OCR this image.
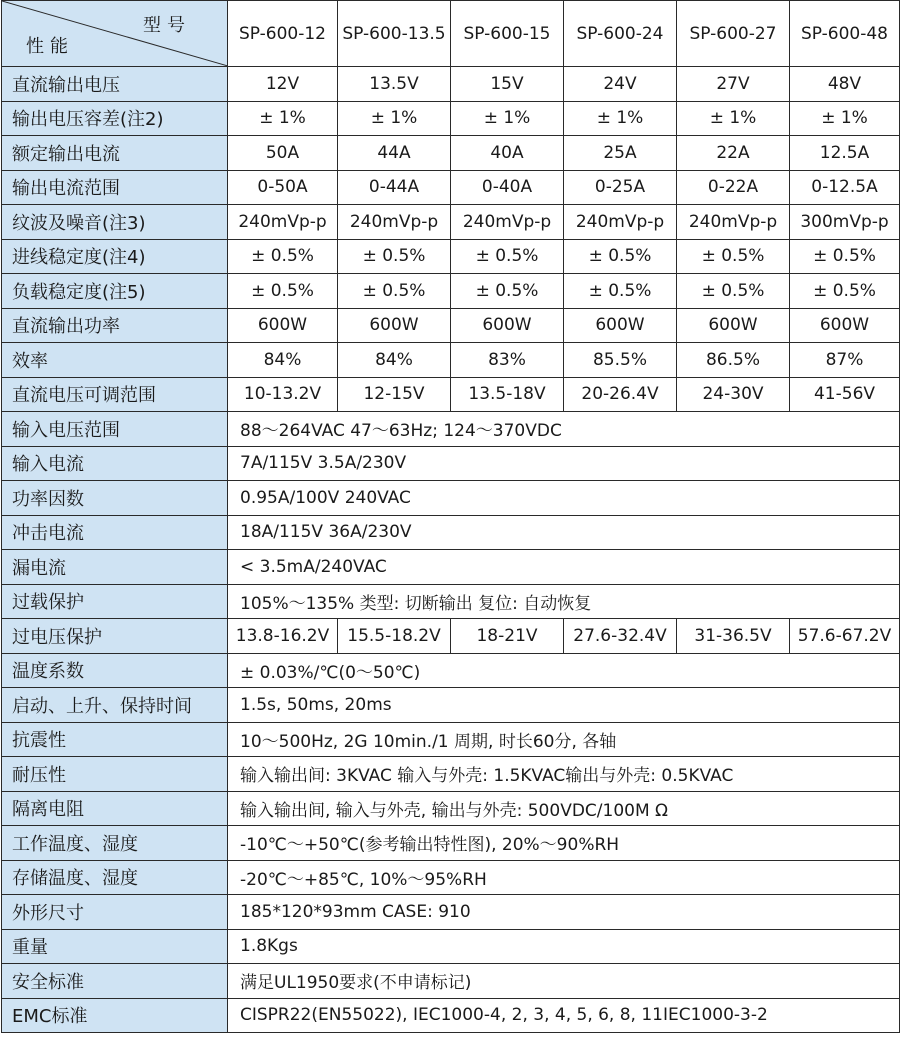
型号
性能	SP-600-12	SP-600-13.5	SP-600-15	SP-600-24	SP-600-27	SP-600-48
直流输出电压	12V	13.5V	15V	24V	27V	48V
输出电压容差(注2)	± 1%	± 1%	± 1%	± 1%	± 1%	± 1%
额定输出电流	50A	44A	40A	25A	22A	12.5A
输出电流范围	0-50A	0-44A	0-40A	0-25A	0-22A	0-12.5A
纹波及噪音(注3)	240mVp-p	240mVp-p	240mVp-p	240mVp-p	240mVp-p	300mVp-p
进线稳定度(注4)	± 0.5%	± 0.5%	± 0.5%	± 0.5%	± 0.5%	± 0.5%
负载稳定度(注5)	± 0.5%	± 0.5%	± 0.5%	± 0.5%	± 0.5%	± 0.5%
直流输出功率	600W	600W	600W	600W	600W	600W
效率	84%	84%	83%	85.5%	86.5%	87%
直流电压可调范围	10-13.2V	12-15V	13.5-18V	20-26.4V	24-30V	41-56V
输入电压范围	88～264VAC 47～63Hz; 124～370VDC					
输入电流	7A/115V 3.5A/230V					
功率因数	0.95A/100V 240VAC					
冲击电流	18A/115V 36A/230V					
漏电流	< 3.5mA/240VAC					
过载保护	105%～135% 类型: 切断输出 复位: 自动恢复					
过电压保护	13.8-16.2V	15.5-18.2V	18-21V	27.6-32.4V	31-36.5V	57.6-67.2V
温度系数	± 0.03%/℃(0～50℃)					
启动、上升、保持时间	1.5s, 50ms, 20ms					
抗震性	10～500Hz, 2G 10min./1 周期, 时长60分, 各轴					
耐压性	输入输出间: 3KVAC 输入与外壳: 1.5KVAC输出与外壳: 0.5KVAC					
隔离电阻	输入输出间, 输入与外壳, 输出与外壳: 500VDC/100M Ω					
工作温度、湿度	-10℃～+50℃(参考输出特性图), 20%～90%RH					
存储温度、湿度	-20℃～+85℃, 10%～95%RH					
外形尺寸	185*120*93mm CASE: 910					
重量	1.8Kgs					
安全标准	满足UL1950要求(不申请标记)					
EMC标准	CISPR22(EN55022), IEC1000-4, 2, 3, 4, 5, 6, 8, 11IEC1000-3-2					
